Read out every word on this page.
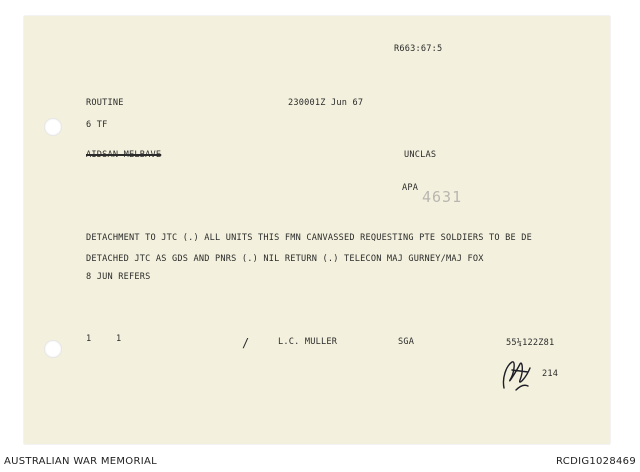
R663:67:5
ROUTINE	230001Z Jun 67
6 TF
AIDSAN MELBAVE	UNCLAS
APA 4631
DETACHMENT TO JTC (.) ALL UNITS THIS FMN CANVASSED REQUESTING PTE SOLDIERS TO BE DE
DETACHED JTC AS GDS AND PNRS (.) NIL RETURN (.) TELECON MAJ GURNEY/MAJ FOX
8 JUN REFERS
1	1	/	L.C. MULLER	SGA	55¼122Z81
214
AUSTRALIAN WAR MEMORIAL	RCDIG1028469
